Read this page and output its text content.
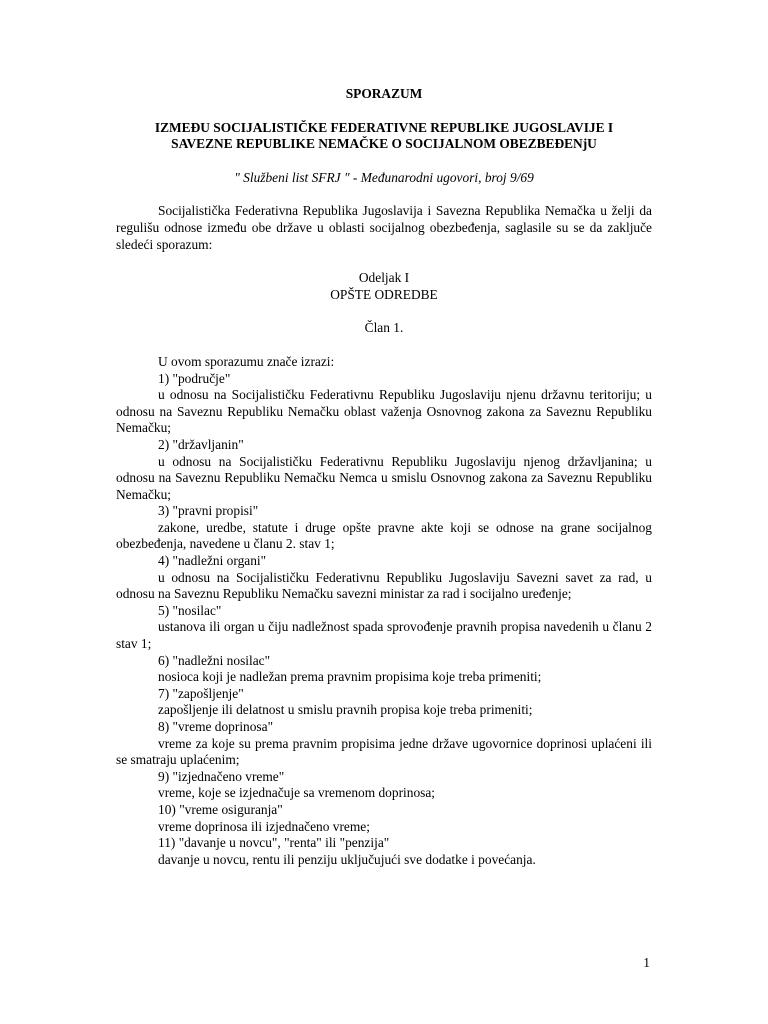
SPORAZUM
IZMEĐU SOCIJALISTIČKE FEDERATIVNE REPUBLIKE JUGOSLAVIJE I
SAVEZNE REPUBLIKE NEMAČKE O SOCIJALNOM OBEZBEĐENjU
" Službeni list SFRJ " - Međunarodni ugovori, broj 9/69
Socijalistička Federativna Republika Jugoslavija i Savezna Republika Nemačka u želji da regulišu odnose između obe države u oblasti socijalnog obezbeđenja, saglasile su se da zaključe sledeći sporazum:
Odeljak I
OPŠTE ODREDBE
Član 1.
U ovom sporazumu znače izrazi:
1) "područje"
u odnosu na Socijalističku Federativnu Republiku Jugoslaviju njenu državnu teritoriju; u odnosu na Saveznu Republiku Nemačku oblast važenja Osnovnog zakona za Saveznu Republiku Nemačku;
2) "državljanin"
u odnosu na Socijalističku Federativnu Republiku Jugoslaviju njenog državljanina; u odnosu na Saveznu Republiku Nemačku Nemca u smislu Osnovnog zakona za Saveznu Republiku Nemačku;
3) "pravni propisi"
zakone, uredbe, statute i druge opšte pravne akte koji se odnose na grane socijalnog obezbeđenja, navedene u članu 2. stav 1;
4) "nadležni organi"
u odnosu na Socijalističku Federativnu Republiku Jugoslaviju Savezni savet za rad, u odnosu na Saveznu Republiku Nemačku savezni ministar za rad i socijalno uređenje;
5) "nosilac"
ustanova ili organ u čiju nadležnost spada sprovođenje pravnih propisa navedenih u članu 2 stav 1;
6) "nadležni nosilac"
nosioca koji je nadležan prema pravnim propisima koje treba primeniti;
7) "zapošljenje"
zapošljenje ili delatnost u smislu pravnih propisa koje treba primeniti;
8) "vreme doprinosa"
vreme za koje su prema pravnim propisima jedne države ugovornice doprinosi uplaćeni ili se smatraju uplaćenim;
9) "izjednačeno vreme"
vreme, koje se izjednačuje sa vremenom doprinosa;
10) "vreme osiguranja"
vreme doprinosa ili izjednačeno vreme;
11) "davanje u novcu", "renta" ili "penzija"
davanje u novcu, rentu ili penziju uključujući sve dodatke i povećanja.
1
